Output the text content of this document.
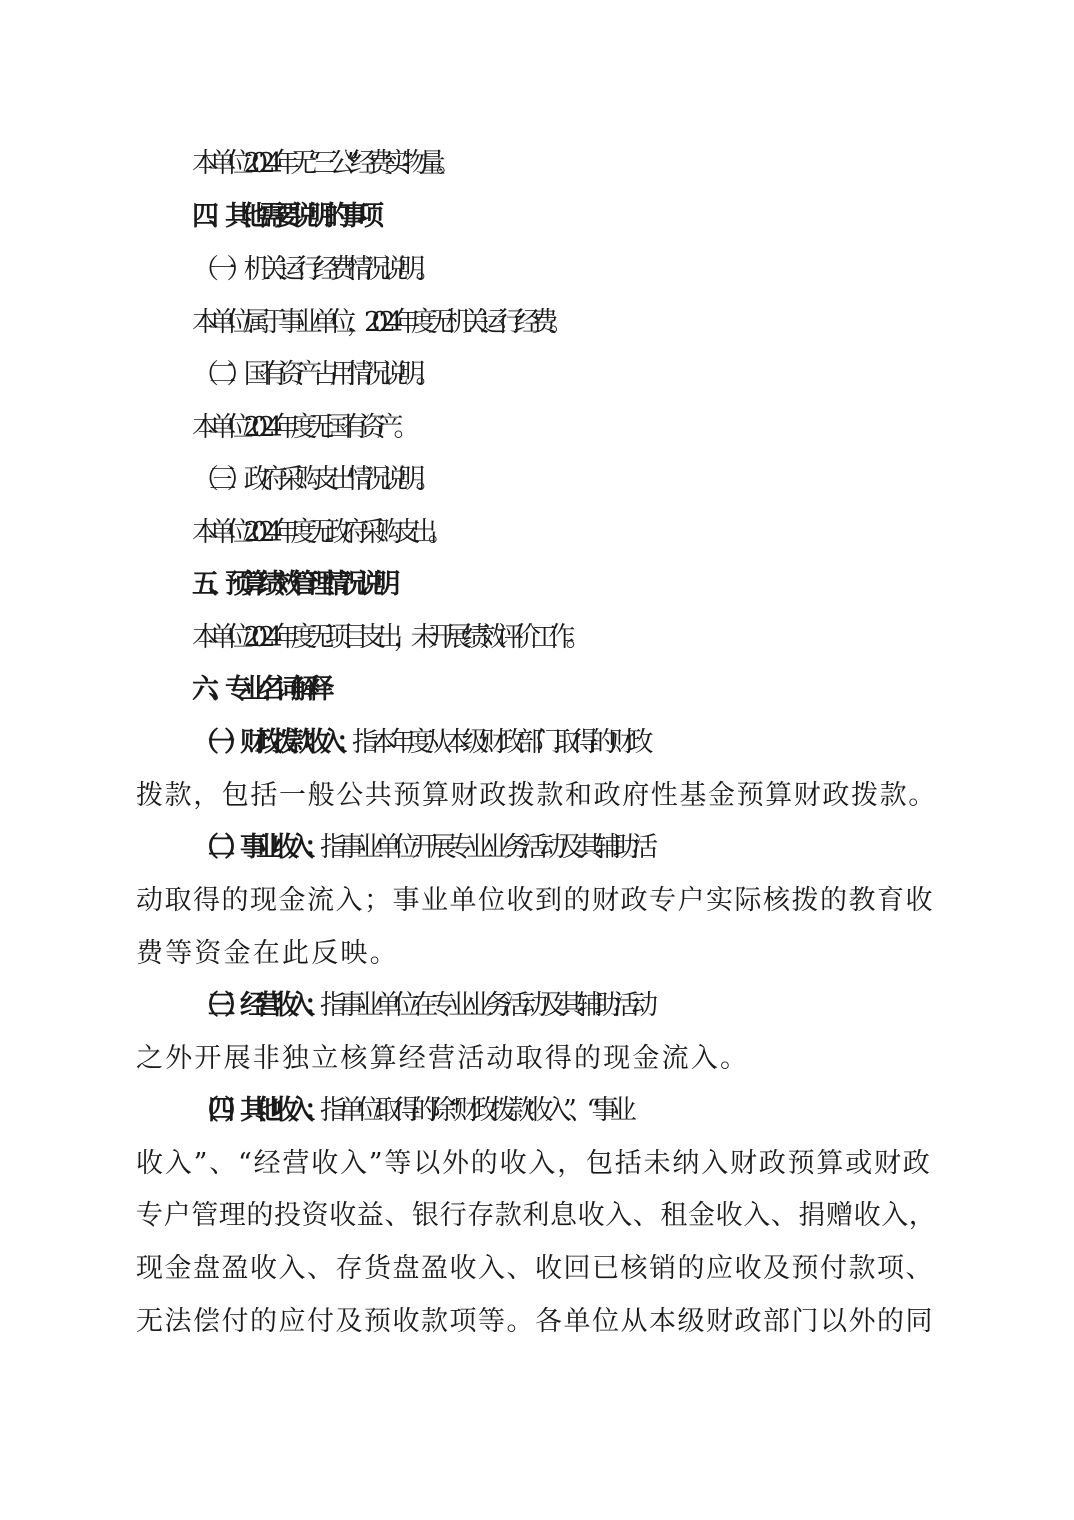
本单位2024年无“三公”经费实物量。
四、其他需要说明的事项
（一）机关运行经费情况说明。
本单位属于事业单位，2024年度无机关运行经费。
（二）国有资产占用情况说明。
本单位2024年度无国有资产。
（三）政府采购支出情况说明。
本单位2024年度无政府采购支出。
五、预算绩效管理情况说明
本单位2024年度无项目支出，未开展绩效评价工作。
六、专业名词解释
（一）财政拨款收入：指本年度从本级财政部门取得的财政
拨款，包括一般公共预算财政拨款和政府性基金预算财政拨款。
（二）事业收入：指事业单位开展专业业务活动及其辅助活
动取得的现金流入；事业单位收到的财政专户实际核拨的教育收
费等资金在此反映。
（三）经营收入：指事业单位在专业业务活动及其辅助活动
之外开展非独立核算经营活动取得的现金流入。
（四）其他收入：指单位取得的除“财政拨款收入”、“事业
收入”、“经营收入”等以外的收入，包括未纳入财政预算或财政
专户管理的投资收益、银行存款利息收入、租金收入、捐赠收入，
现金盘盈收入、存货盘盈收入、收回已核销的应收及预付款项、
无法偿付的应付及预收款项等。各单位从本级财政部门以外的同
